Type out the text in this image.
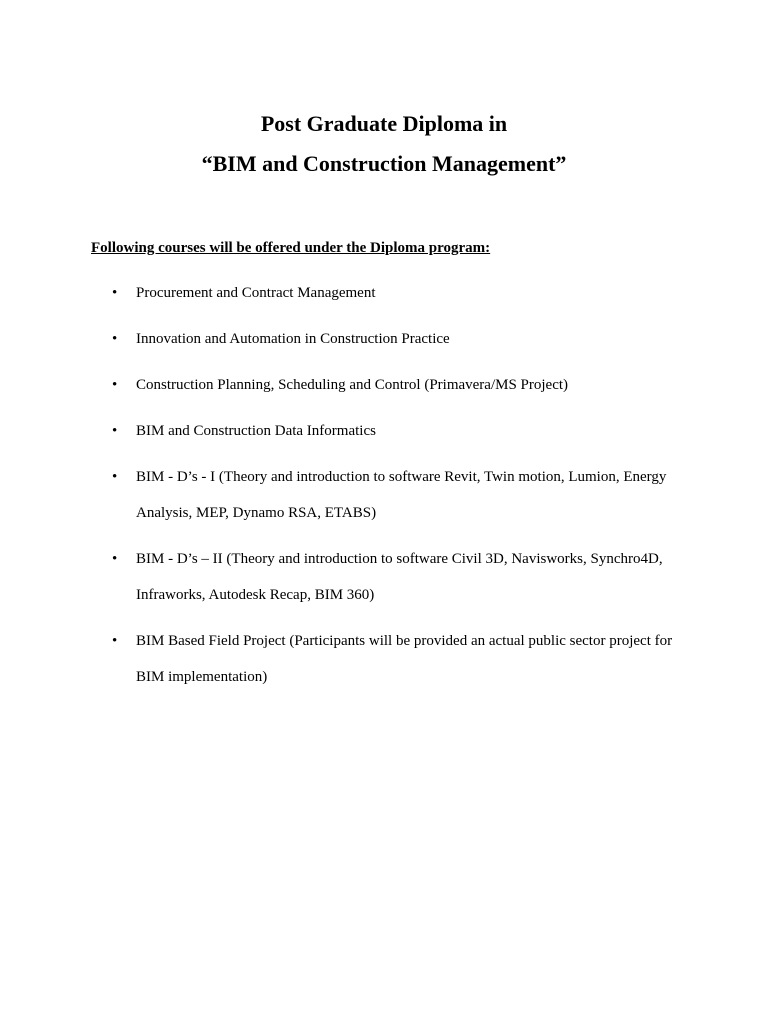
Post Graduate Diploma in
“BIM and Construction Management”

Following courses will be offered under the Diploma program:

•	Procurement and Contract Management
•	Innovation and Automation in Construction Practice
•	Construction Planning, Scheduling and Control (Primavera/MS Project)
•	BIM and Construction Data Informatics
•	BIM - D’s - I (Theory and introduction to software Revit, Twin motion, Lumion, Energy Analysis, MEP, Dynamo RSA, ETABS)
•	BIM - D’s – II (Theory and introduction to software Civil 3D, Navisworks, Synchro4D, Infraworks, Autodesk Recap, BIM 360)
•	BIM Based Field Project (Participants will be provided an actual public sector project for BIM implementation)
